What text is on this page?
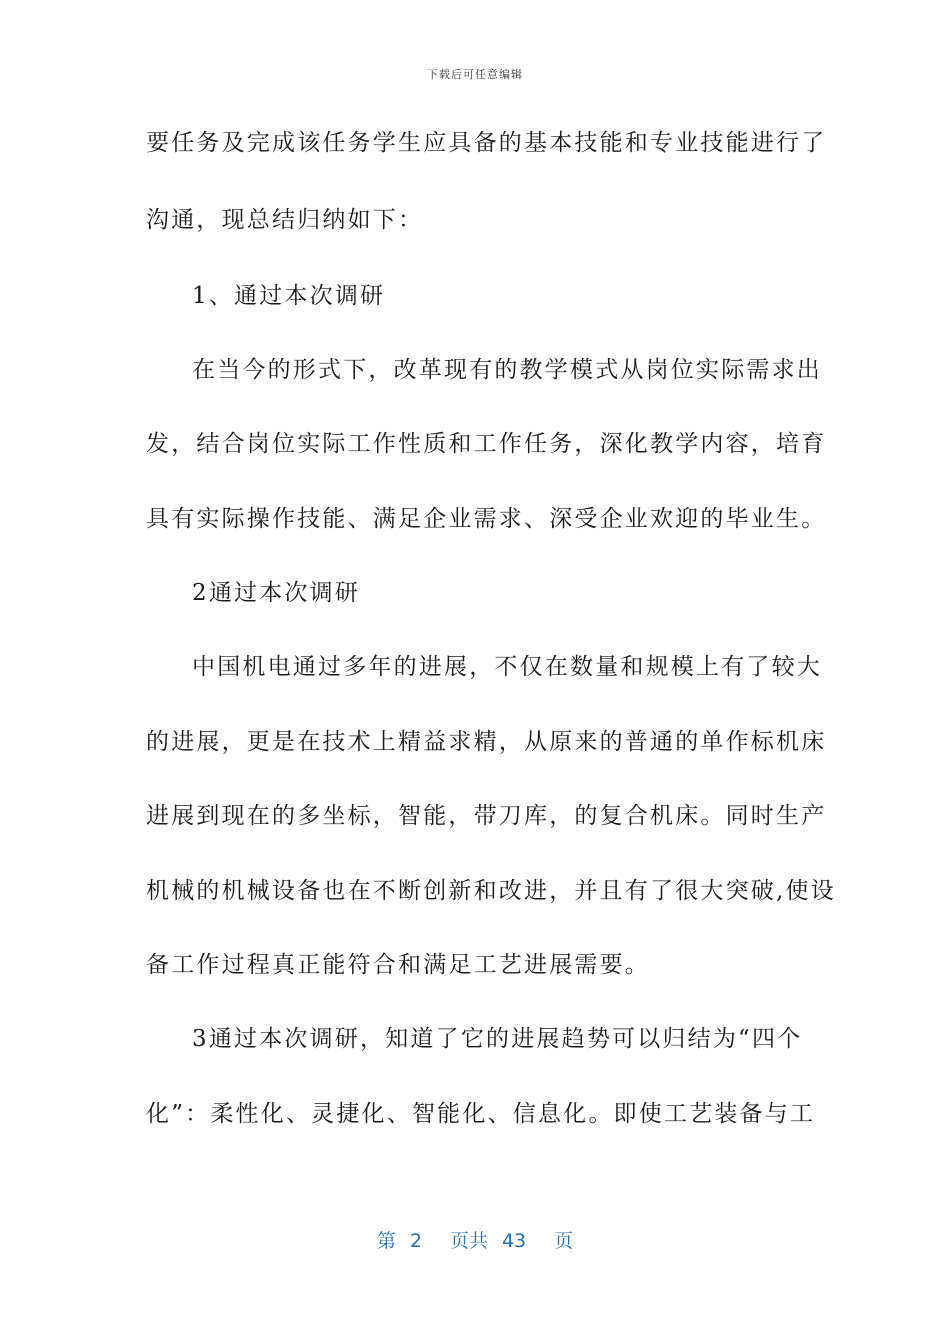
下载后可任意编辑
要任务及完成该任务学生应具备的基本技能和专业技能进行了
沟通，现总结归纳如下：
1、通过本次调研
在当今的形式下，改革现有的教学模式从岗位实际需求出
发，结合岗位实际工作性质和工作任务，深化教学内容，培育
具有实际操作技能、满足企业需求、深受企业欢迎的毕业生。
2通过本次调研
中国机电通过多年的进展，不仅在数量和规模上有了较大
的进展，更是在技术上精益求精，从原来的普通的单作标机床
进展到现在的多坐标，智能，带刀库，的复合机床。同时生产
机械的机械设备也在不断创新和改进，并且有了很大突破,使设
备工作过程真正能符合和满足工艺进展需要。
3通过本次调研，知道了它的进展趋势可以归结为“四个
化”：柔性化、灵捷化、智能化、信息化。即使工艺装备与工
第 2 页共 43 页
